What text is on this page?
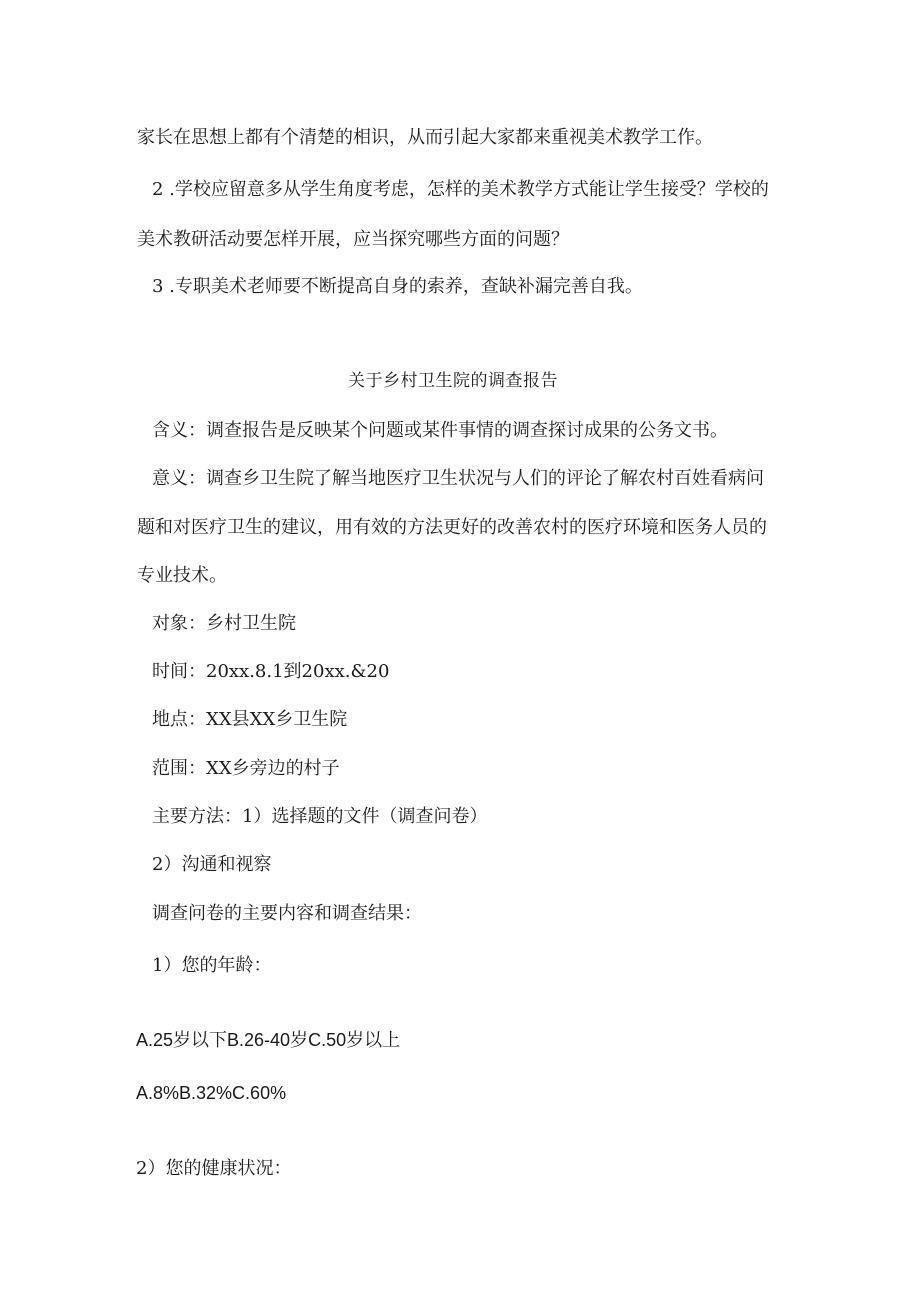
家长在思想上都有个清楚的相识，从而引起大家都来重视美术教学工作。
2 .学校应留意多从学生角度考虑，怎样的美术教学方式能让学生接受？学校的
美术教研活动要怎样开展，应当探究哪些方面的问题？
3 .专职美术老师要不断提高自身的索养，查缺补漏完善自我。
关于乡村卫生院的调查报告
含义：调查报告是反映某个问题或某件事情的调查探讨成果的公务文书。
意义：调查乡卫生院了解当地医疗卫生状况与人们的评论了解农村百姓看病问
题和对医疗卫生的建议，用有效的方法更好的改善农村的医疗环境和医务人员的
专业技术。
对象：乡村卫生院
时间：20xx.8.1到20xx.&20
地点：XX县XX乡卫生院
范围：XX乡旁边的村子
主要方法：1）选择题的文件（调查问卷）
2）沟通和视察
调查问卷的主要内容和调查结果：
1）您的年龄：
A.25岁以下B.26-40岁C.50岁以上
A.8%B.32%C.60%
2）您的健康状况：
